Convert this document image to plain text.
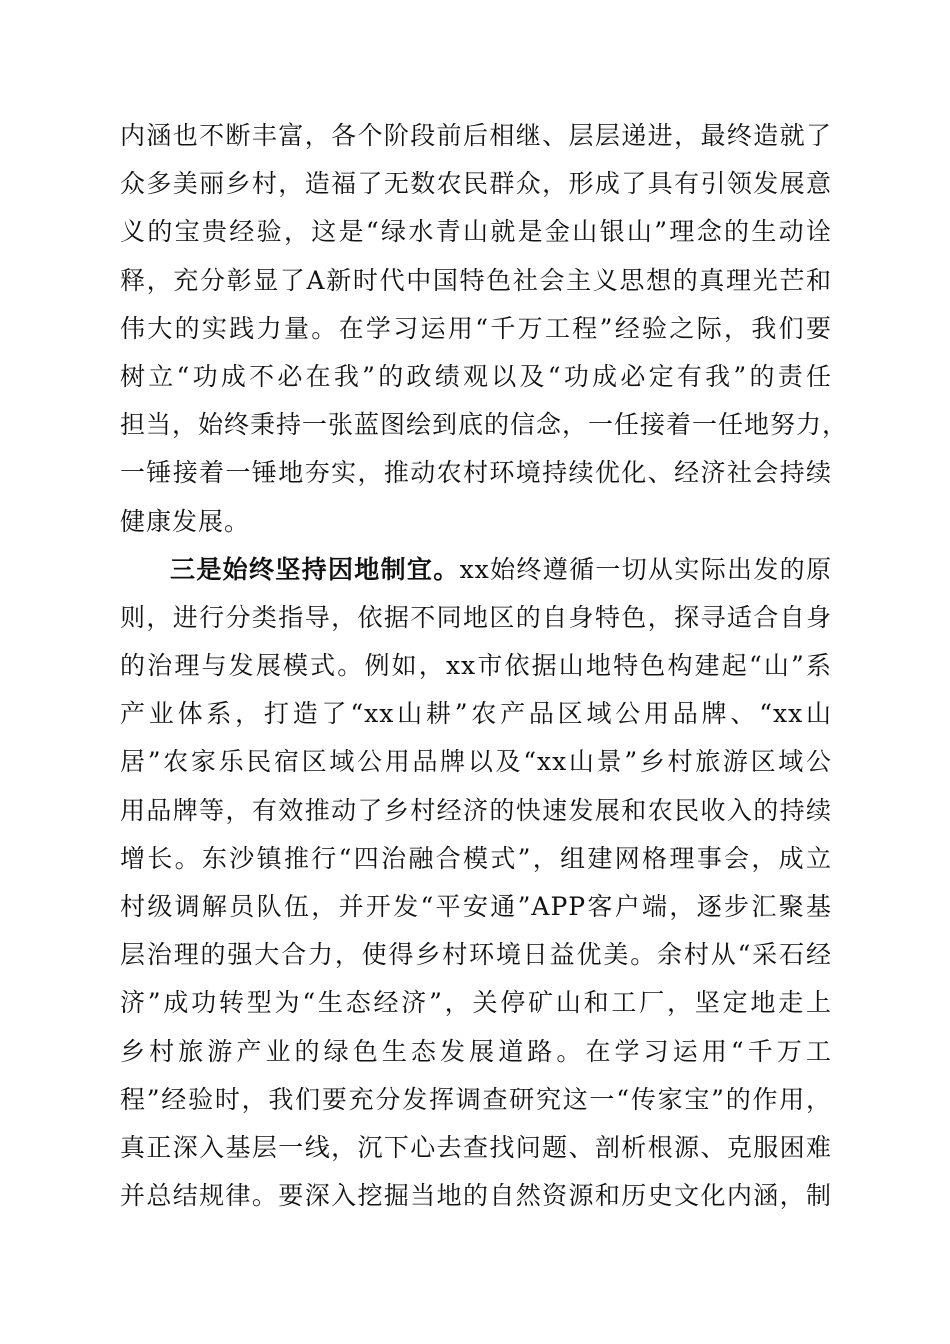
内涵也不断丰富，各个阶段前后相继、层层递进，最终造就了
众多美丽乡村，造福了无数农民群众，形成了具有引领发展意
义的宝贵经验，这是“绿水青山就是金山银山”理念的生动诠
释，充分彰显了A新时代中国特色社会主义思想的真理光芒和
伟大的实践力量。在学习运用“千万工程”经验之际，我们要
树立“功成不必在我”的政绩观以及“功成必定有我”的责任
担当，始终秉持一张蓝图绘到底的信念，一任接着一任地努力，
一锤接着一锤地夯实，推动农村环境持续优化、经济社会持续
健康发展。
三是始终坚持因地制宜。xx始终遵循一切从实际出发的原
则，进行分类指导，依据不同地区的自身特色，探寻适合自身
的治理与发展模式。例如，xx市依据山地特色构建起“山”系
产业体系，打造了“xx山耕”农产品区域公用品牌、“xx山
居”农家乐民宿区域公用品牌以及“xx山景”乡村旅游区域公
用品牌等，有效推动了乡村经济的快速发展和农民收入的持续
增长。东沙镇推行“四治融合模式”，组建网格理事会，成立
村级调解员队伍，并开发“平安通”APP客户端，逐步汇聚基
层治理的强大合力，使得乡村环境日益优美。余村从“采石经
济”成功转型为“生态经济”，关停矿山和工厂，坚定地走上
乡村旅游产业的绿色生态发展道路。在学习运用“千万工
程”经验时，我们要充分发挥调查研究这一“传家宝”的作用，
真正深入基层一线，沉下心去查找问题、剖析根源、克服困难
并总结规律。要深入挖掘当地的自然资源和历史文化内涵，制
